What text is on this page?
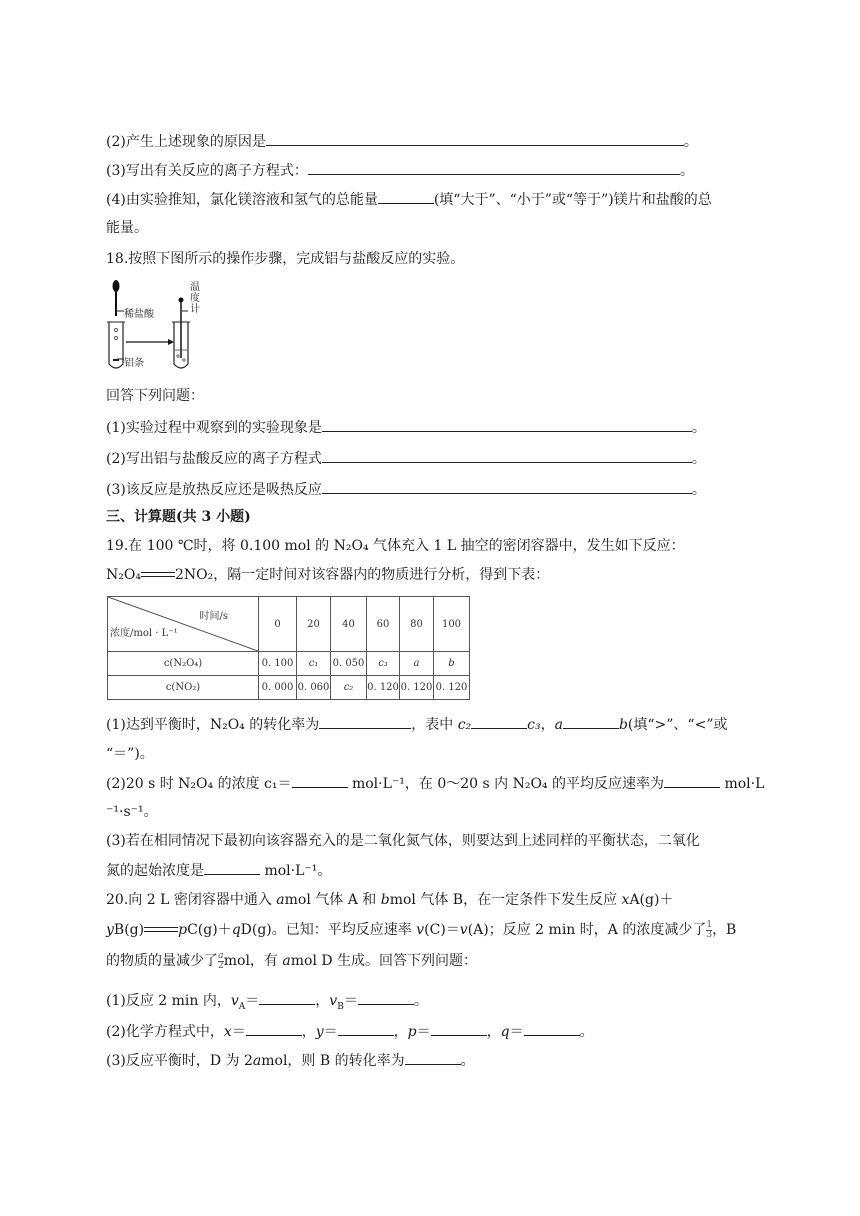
(2)产生上述现象的原因是	。
(3)写出有关反应的离子方程式：	。
(4)由实验推知，氯化镁溶液和氢气的总能量	(填“大于”、“小于”或“等于”)镁片和盐酸的总
能量。
18.按照下图所示的操作步骤，完成铝与盐酸反应的实验。
稀盐酸
铝条
温度计
回答下列问题：
(1)实验过程中观察到的实验现象是	。
(2)写出铝与盐酸反应的离子方程式	。
(3)该反应是放热反应还是吸热反应	。
三、计算题(共 3 小题)
19.在 100 ℃时，将 0.100 mol 的 N₂O₄ 气体充入 1 L 抽空的密闭容器中，发生如下反应：
N₂O₄ 2NO₂，隔一定时间对该容器内的物质进行分析，得到下表：
时间/s
浓度/mol · L⁻¹	0	20	40	60	80	100
c(N₂O₄)	0. 100	c₁	0. 050	c₃	a	b
c(NO₂)	0. 000	0. 060	c₂	0. 120	0. 120	0. 120
(1)达到平衡时，N₂O₄ 的转化率为	，表中 c₂	c₃，a	b(填“>”、“<”或
“＝”)。
(2)20 s 时 N₂O₄ 的浓度 c₁＝	mol·L⁻¹，在 0～20 s 内 N₂O₄ 的平均反应速率为	mol·L
⁻¹·s⁻¹。
(3)若在相同情况下最初向该容器充入的是二氧化氮气体，则要达到上述同样的平衡状态，二氧化
氮的起始浓度是	mol·L⁻¹。
20.向 2 L 密闭容器中通入 amol 气体 A 和 bmol 气体 B，在一定条件下发生反应 xA(g)＋
yB(g) pC(g)＋qD(g)。已知：平均反应速率 v(C)＝v(A)；反应 2 min 时，A 的浓度减少了 $\frac{1}{3}$ ，B
的物质的量减少了 $\frac{a}{2}$ mol，有 amol D 生成。回答下列问题：
(1)反应 2 min 内，$v_A=$	，$v_B=$	。
(2)化学方程式中，x＝	，y＝	，p＝	，q＝	。
(3)反应平衡时，D 为 2amol，则 B 的转化率为	。
